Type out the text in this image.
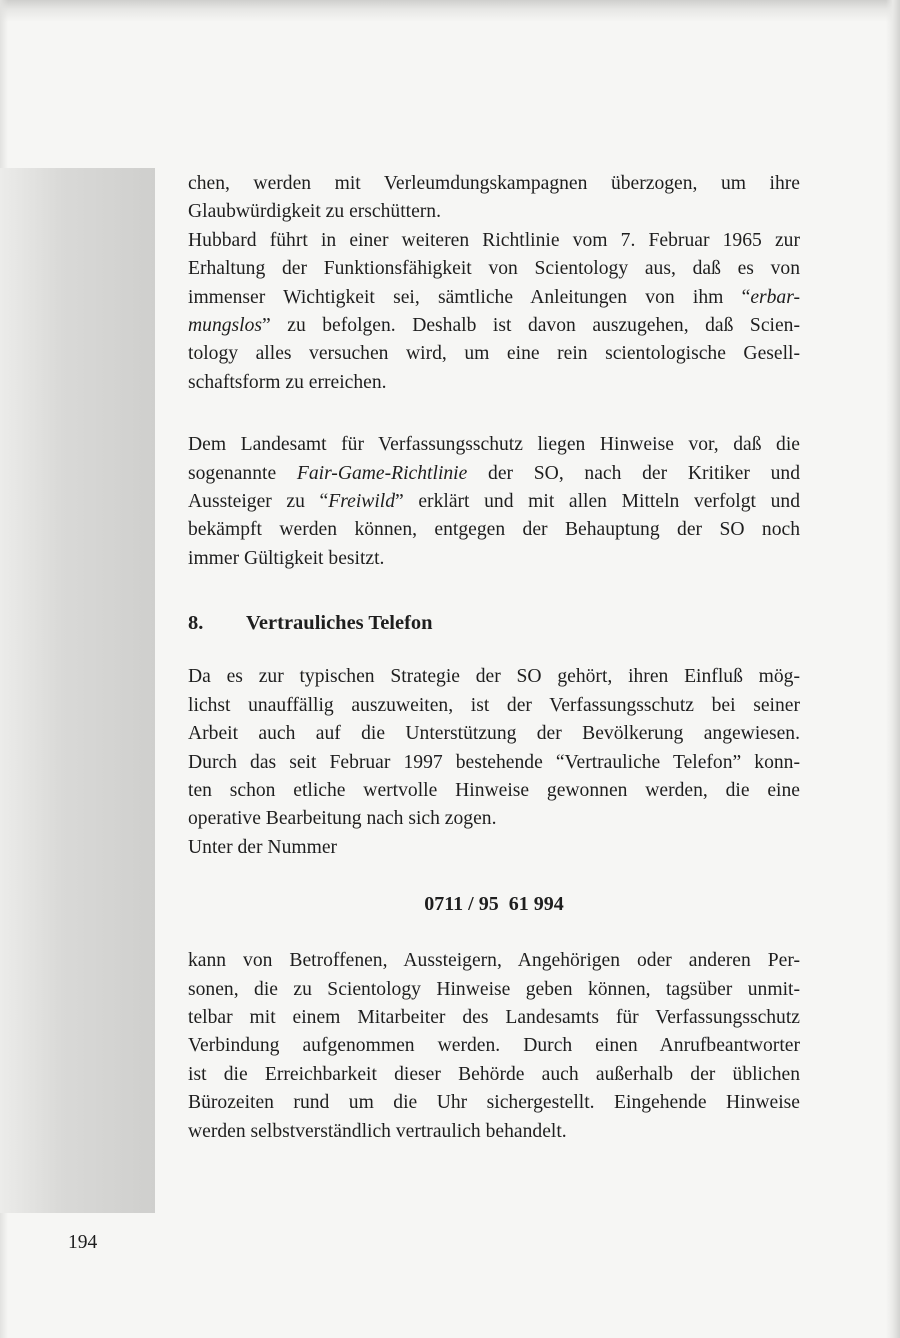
chen, werden mit Verleumdungskampagnen überzogen, um ihre
Glaubwürdigkeit zu erschüttern.

Hubbard führt in einer weiteren Richtlinie vom 7. Februar 1965 zur
Erhaltung der Funktionsfähigkeit von Scientology aus, daß es von
immenser Wichtigkeit sei, sämtliche Anleitungen von ihm “erbar-
mungslos” zu befolgen. Deshalb ist davon auszugehen, daß Scien-
tology alles versuchen wird, um eine rein scientologische Gesell-
schaftsform zu erreichen.

Dem Landesamt für Verfassungsschutz liegen Hinweise vor, daß die
sogenannte Fair-Game-Richtlinie der SO, nach der Kritiker und
Aussteiger zu “Freiwild” erklärt und mit allen Mitteln verfolgt und
bekämpft werden können, entgegen der Behauptung der SO noch
immer Gültigkeit besitzt.

8.	Vertrauliches Telefon

Da es zur typischen Strategie der SO gehört, ihren Einfluß mög-
lichst unauffällig auszuweiten, ist der Verfassungsschutz bei seiner
Arbeit auch auf die Unterstützung der Bevölkerung angewiesen.
Durch das seit Februar 1997 bestehende “Vertrauliche Telefon” konn-
ten schon etliche wertvolle Hinweise gewonnen werden, die eine
operative Bearbeitung nach sich zogen.
Unter der Nummer

0711 / 95  61 994

kann von Betroffenen, Aussteigern, Angehörigen oder anderen Per-
sonen, die zu Scientology Hinweise geben können, tagsüber unmit-
telbar mit einem Mitarbeiter des Landesamts für Verfassungsschutz
Verbindung aufgenommen werden. Durch einen Anrufbeantworter
ist die Erreichbarkeit dieser Behörde auch außerhalb der üblichen
Bürozeiten rund um die Uhr sichergestellt. Eingehende Hinweise
werden selbstverständlich vertraulich behandelt.

194
